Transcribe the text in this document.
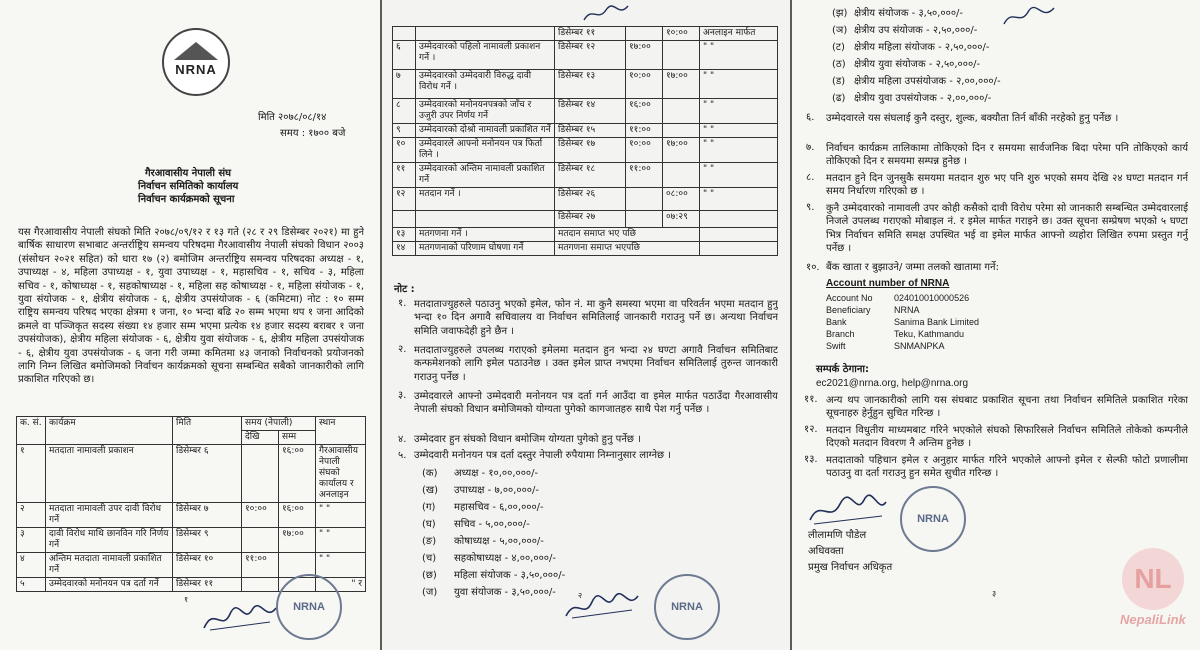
NRNA
मिति २०७८/०८/१४
समय : १७०० बजे
गैरआवासीय नेपाली संघ
निर्वाचन समितिको कार्यालय
निर्वाचन कार्यक्रमको सूचना
यस गैरआवासीय नेपाली संघको मिति २०७८/०९/१२ र १३ गते (२८ र २९ डिसेम्बर २०२१) मा हुने बार्षिक साधारण सभाबाट अन्तर्राष्ट्रिय समन्वय परिषदमा गैरआवासीय नेपाली संघको विधान २००३ (संसोधन २०२१ सहित) को धारा १७ (२) बमोजिम अन्तर्राष्ट्रिय समन्वय परिषदका अध्यक्ष - १, उपाध्यक्ष - ४, महिला उपाध्यक्ष - १, युवा उपाध्यक्ष - १, महासचिव - १, सचिव - ३, महिला सचिव - १, कोषाध्यक्ष - १, सहकोषाध्यक्ष - १, महिला सह कोषाध्यक्ष - १, महिला संयोजक - १, युवा संयोजक - १, क्षेत्रीय संयोजक - ६, क्षेत्रीय उपसंयोजक - ६ (कमिटमा) नोट : १० सम्म राष्ट्रिय समन्वय परिषद भएका क्षेत्रमा १ जना, १० भन्दा बढि २० सम्म भएमा थप १ जना आदिको क्रमले वा पञ्जिकृत सदस्य संख्या १४ हजार सम्म भएमा प्रत्येक १४ हजार सदस्य बराबर १ जना उपसंयोजक), क्षेत्रीय महिला संयोजक - ६, क्षेत्रीय युवा संयोजक - ६, क्षेत्रीय महिला उपसंयोजक - ६, क्षेत्रीय युवा उपसंयोजक - ६ जना गरी जम्मा कमितमा ४३ जनाको निर्वाचनको प्रयोजनको लागि निम्न लिखित बमोजिमको निर्वाचन कार्यक्रमको सूचना सम्बन्धित सबैको जानकारीको लागि प्रकाशित गरिएको छ।
क. सं.	कार्यक्रम	मिति	समय (नेपाली)		स्थान
			देखि	सम्म	
१	मतदाता नामावली प्रकाशन	डिसेम्बर ६		१६:००	गैरआवासीय नेपाली संघको कार्यालय र अनलाइन
२	मतदाता नामावली उपर दावी विरोध गर्ने	डिसेम्बर ७	१०:००	१६:००	" "
३	दावी विरोध माथि छानविन गरि निर्णय गर्ने	डिसेम्बर ९		१७:००	" "
४	अन्तिम मतदाता नामावली प्रकाशित गर्ने	डिसेम्बर १०	११:००		" "
५	उम्मेदवारको मनोनयन पत्र दर्ता गर्ने	डिसेम्बर ११			" र
NRNA
१
		डिसेम्बर ११		१०:००	अनलाइन मार्फत
६	उम्मेदवारको पहिलो नामावली प्रकाशन गर्ने ।	डिसेम्बर १२	१७:००		" "
७	उम्मेदवारको उम्मेदवारी विरुद्ध दावी विरोध गर्ने ।	डिसेम्बर १३	१०:००	१७:००	" "
८	उम्मेदवारको मनोनयनपत्रको जाँच र उजुरी उपर निर्णय गर्ने	डिसेम्बर १४	१६:००		" "
९	उम्मेदवारको दोश्रो नामावली प्रकाशित गर्ने	डिसेम्बर १५	११:००		" "
१०	उम्मेदवारले आफ्नो मनोनयन पत्र फिर्ता लिने ।	डिसेम्बर १७	१०:००	१७:००	" "
११	उम्मेदवारको अन्तिम नामावली प्रकाशित गर्ने	डिसेम्बर १८	११:००		" "
१२	मतदान गर्ने ।	डिसेम्बर २६		०८:००	" "
		डिसेम्बर २७		०७:२९	
१३	मतगणना गर्ने ।	मतदान समाप्त भए पछि			
१४	मतगणनाको परिणाम घोषणा गर्ने	मतगणना समाप्त भएपछि			
नोट :
१. मतदाताज्युहरुले पठाउनु भएको इमेल, फोन नं. मा कुनै समस्या भएमा वा परिवर्तन भएमा मतदान हुनु भन्दा १० दिन अगावै सचिवालय वा निर्वाचन समितिलाई जानकारी गराउनु पर्ने छ। अन्यथा निर्वाचन समिति जवाफदेही हुने छैन ।
२. मतदाताज्युहरुले उपलब्ध गराएको इमेलमा मतदान हुन भन्दा २४ घण्टा अगावै निर्वाचन समितिबाट कन्फमेशनको लागि इमेल पठाउनेछ । उक्त इमेल प्राप्त नभएमा निर्वाचन समितिलाई तुरुन्त जानकारी गराउनु पर्नेछ ।
३. उम्मेदवारले आफ्नो उम्मेदवारी मनोनयन पत्र दर्ता गर्न आउँदा वा इमेल मार्फत पठाउँदा गैरआवासीय नेपाली संघको विधान बमोजिमको योग्यता पुगेको कागजातहरु साथै पेश गर्नु पर्नेछ ।
४. उम्मेदवार हुन संघको विधान बमोजिम योग्यता पुगेको हुनु पर्नेछ ।
५. उम्मेदवारी मनोनयन पत्र दर्ता दस्तुर नेपाली रुपैयामा निम्नानुसार लाग्नेछ ।
(क) अध्यक्ष - १०,००,०००/-
(ख) उपाध्यक्ष - ७,००,०००/-
(ग) महासचिव - ६,००,०००/-
(घ) सचिव - ५,००,०००/-
(ङ) कोषाध्यक्ष - ५,००,०००/-
(च) सहकोषाध्यक्ष - ४,००,०००/-
(छ) महिला संयोजक - ३,५०,०००/-
(ज) युवा संयोजक - ३,५०,०००/-
NRNA
२
(झ) क्षेत्रीय संयोजक - ३,५०,०००/-
(ञ) क्षेत्रीय उप संयोजक - २,५०,०००/-
(ट) क्षेत्रीय महिला संयोजक - २,५०,०००/-
(ठ) क्षेत्रीय युवा संयोजक - २,५०,०००/-
(ड) क्षेत्रीय महिला उपसंयोजक - २,००,०००/-
(ढ) क्षेत्रीय युवा उपसंयोजक - २,००,०००/-
६. उम्मेदवारले यस संघलाई कुनै दस्तुर, शुल्क, बक्यौता तिर्न बाँकी नरहेको हुनु पर्नेछ ।
७. निर्वाचन कार्यक्रम तालिकामा तोकिएको दिन र समयमा सार्वजनिक बिदा परेमा पनि तोकिएको कार्य तोकिएको दिन र समयमा सम्पन्न हुनेछ ।
८. मतदान हुने दिन जुनसुकै समयमा मतदान शुरु भए पनि शुरु भएको समय देखि २४ घण्टा मतदान गर्न समय निर्धारण गरिएको छ ।
९. कुनै उम्मेदवारको नामावली उपर कोही कसैको दावी विरोध परेमा सो जानकारी सम्बन्धित उम्मेदवारलाई निजले उपलब्ध गराएको मोबाइल नं. र इमेल मार्फत गराइने छ। उक्त सूचना सम्प्रेषण भएको ५ घण्टा भित्र निर्वाचन समिति समक्ष उपस्थित भई वा इमेल मार्फत आफ्नो व्यहोरा लिखित रुपमा प्रस्तुत गर्नु पर्नेछ ।
१०. बैंक खाता र बुझाउने/ जम्मा तलको खातामा गर्ने:
Account number of NRNA
Account No	024010010000526
Beneficiary	NRNA
Bank	Sanima Bank Limited
Branch	Teku, Kathmandu
Swift	SNMANPKA
सम्पर्क ठेगाना:
ec2021@nrna.org, help@nrna.org
११. अन्य थप जानकारीको लागि यस संघबाट प्रकाशित सूचना तथा निर्वाचन समितिले प्रकाशित गरेका सूचनाहरु हेर्नुहुन सुचित गरिन्छ ।
१२. मतदान विधुतीय माध्यमबाट गरिने भएकोले संघको सिफारिसले निर्वाचन समितिले तोकेको कम्पनीले दिएको मतदान विवरण नै अन्तिम हुनेछ ।
१३. मतदाताको पहिचान इमेल र अनुहार मार्फत गरिने भएकोले आफ्नो इमेल र सेल्फी फोटो प्रणालीमा पठाउनु वा दर्ता गराउनु हुन समेत सुचीत गरिन्छ ।
NRNA
लीलामणि पौडेल
अधिवक्ता
प्रमुख निर्वाचन अधिकृत
३	NL
NepaliLink
